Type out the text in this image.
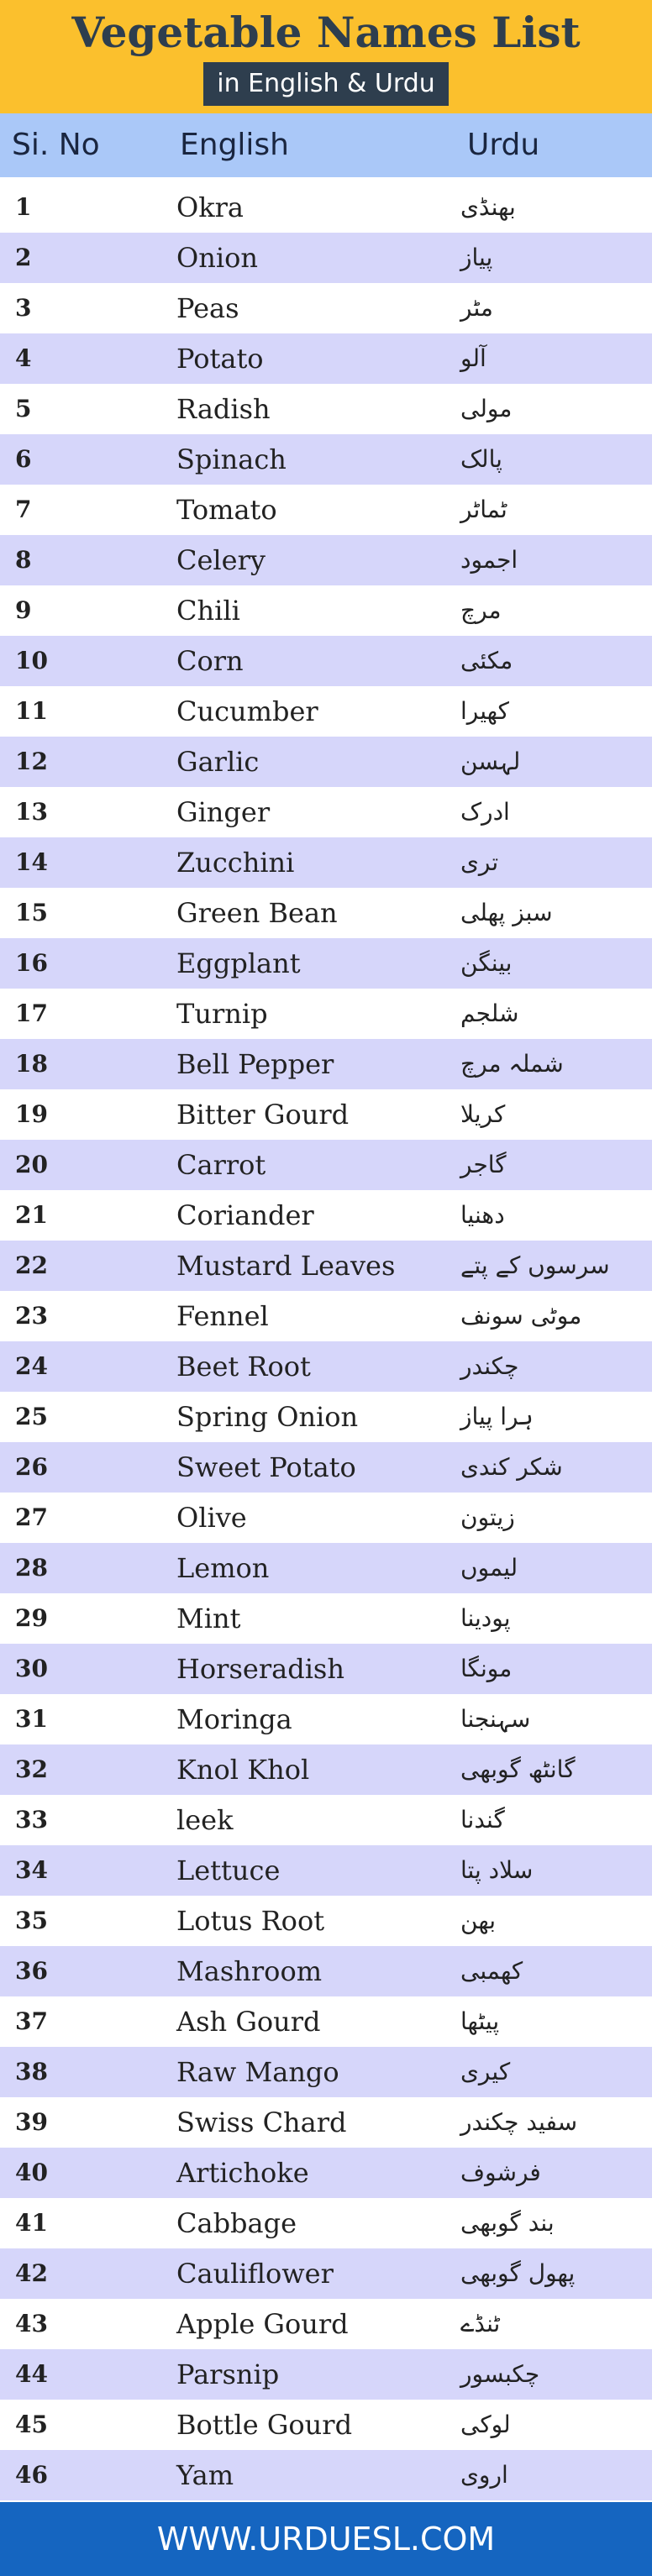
Vegetable Names List
in English & Urdu
Si. No	English	Urdu
1	Okra	بھنڈی
2	Onion	پیاز
3	Peas	مٹر
4	Potato	آلو
5	Radish	مولی
6	Spinach	پالک
7	Tomato	ٹماٹر
8	Celery	اجمود
9	Chili	مرچ
10	Corn	مکئی
11	Cucumber	کھیرا
12	Garlic	لہسن
13	Ginger	ادرک
14	Zucchini	تری
15	Green Bean	سبز پھلی
16	Eggplant	بینگن
17	Turnip	شلجم
18	Bell Pepper	شملہ مرچ
19	Bitter Gourd	کریلا
20	Carrot	گاجر
21	Coriander	دھنیا
22	Mustard Leaves	سرسوں کے پتے
23	Fennel	موٹی سونف
24	Beet Root	چکندر
25	Spring Onion	ہرا پیاز
26	Sweet Potato	شکر کندی
27	Olive	زیتون
28	Lemon	لیموں
29	Mint	پودینا
30	Horseradish	مونگا
31	Moringa	سہنجنا
32	Knol Khol	گانٹھ گوبھی
33	leek	گندنا
34	Lettuce	سلاد پتا
35	Lotus Root	بھن
36	Mashroom	کھمبی
37	Ash Gourd	پیٹھا
38	Raw Mango	کیری
39	Swiss Chard	سفید چکندر
40	Artichoke	فرشوف
41	Cabbage	بند گوبھی
42	Cauliflower	پھول گوبھی
43	Apple Gourd	ٹنڈے
44	Parsnip	چکبسور
45	Bottle Gourd	لوکی
46	Yam	اروی
WWW.URDUESL.COM
